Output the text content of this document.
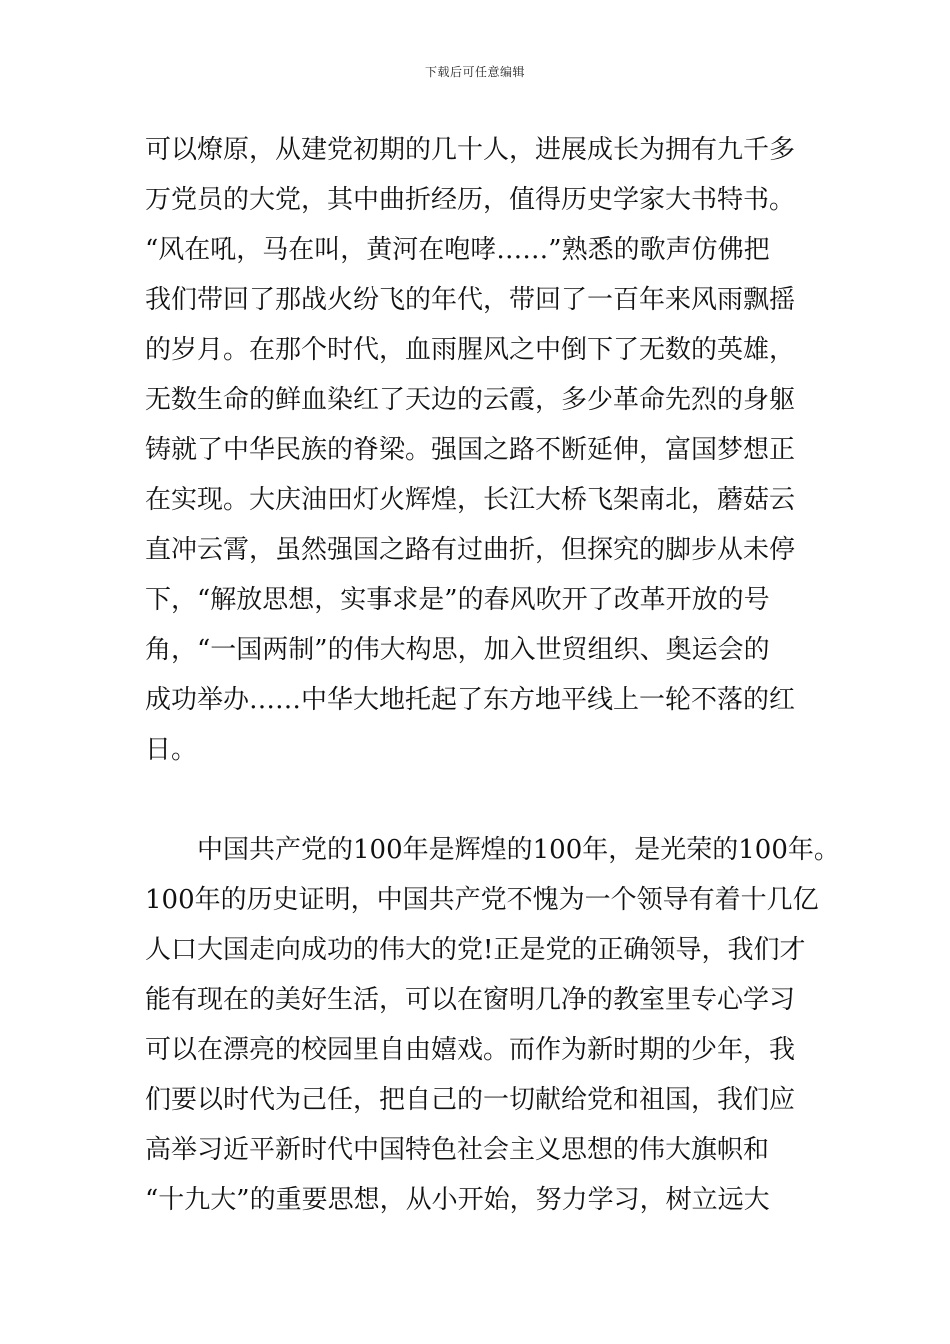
下载后可任意编辑
可以燎原，从建党初期的几十人，进展成长为拥有九千多
万党员的大党，其中曲折经历，值得历史学家大书特书。
“风在吼，马在叫，黄河在咆哮……”熟悉的歌声仿佛把
我们带回了那战火纷飞的年代，带回了一百年来风雨飘摇
的岁月。在那个时代，血雨腥风之中倒下了无数的英雄，
无数生命的鲜血染红了天边的云霞，多少革命先烈的身躯
铸就了中华民族的脊梁。强国之路不断延伸，富国梦想正
在实现。大庆油田灯火辉煌，长江大桥飞架南北，蘑菇云
直冲云霄，虽然强国之路有过曲折，但探究的脚步从未停
下，“解放思想，实事求是”的春风吹开了改革开放的号
角，“一国两制”的伟大构思，加入世贸组织、奥运会的
成功举办……中华大地托起了东方地平线上一轮不落的红
日。
中国共产党的100年是辉煌的100年，是光荣的100年。
100年的历史证明，中国共产党不愧为一个领导有着十几亿
人口大国走向成功的伟大的党!正是党的正确领导，我们才
能有现在的美好生活，可以在窗明几净的教室里专心学习
可以在漂亮的校园里自由嬉戏。而作为新时期的少年，我
们要以时代为己任，把自己的一切献给党和祖国，我们应
高举习近平新时代中国特色社会主义思想的伟大旗帜和
“十九大”的重要思想，从小开始，努力学习，树立远大
